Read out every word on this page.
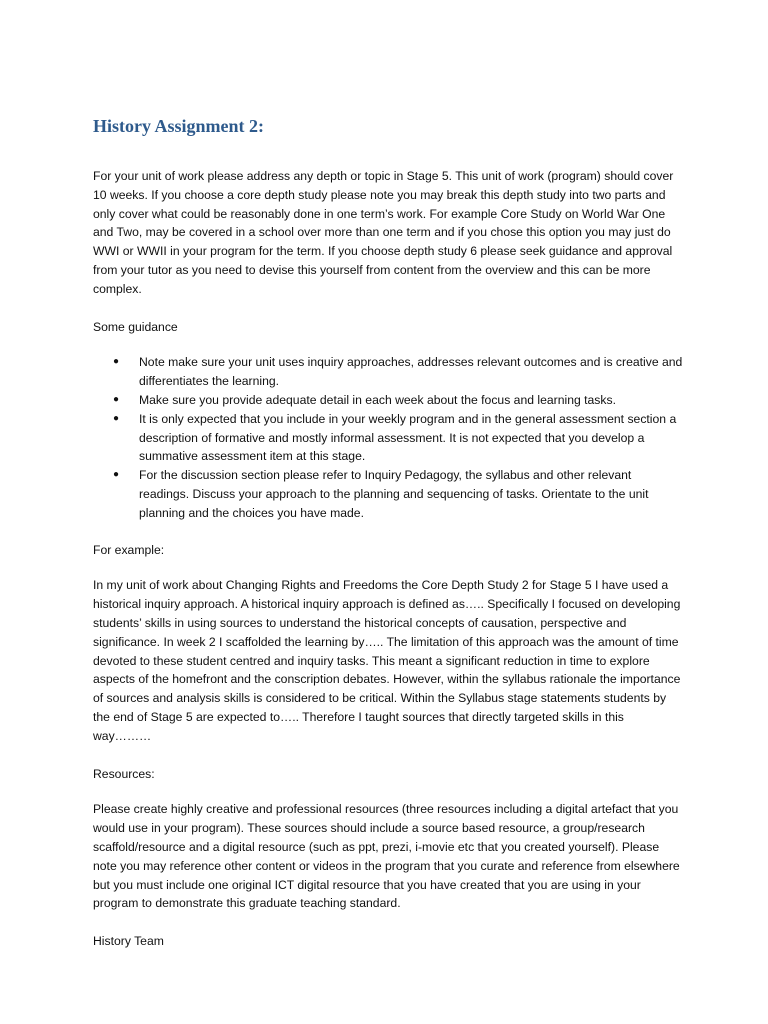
History Assignment 2:

For your unit of work please address any depth or topic in Stage 5. This unit of work (program) should cover 10 weeks. If you choose a core depth study please note you may break this depth study into two parts and only cover what could be reasonably done in one term’s work. For example Core Study on World War One and Two, may be covered in a school over more than one term and if you chose this option you may just do WWI or WWII in your program for the term. If you choose depth study 6 please seek guidance and approval from your tutor as you need to devise this yourself from content from the overview and this can be more complex.

Some guidance

● Note make sure your unit uses inquiry approaches, addresses relevant outcomes and is creative and differentiates the learning.
● Make sure you provide adequate detail in each week about the focus and learning tasks.
● It is only expected that you include in your weekly program and in the general assessment section a description of formative and mostly informal assessment. It is not expected that you develop a summative assessment item at this stage.
● For the discussion section please refer to Inquiry Pedagogy, the syllabus and other relevant readings. Discuss your approach to the planning and sequencing of tasks. Orientate to the unit planning and the choices you have made.

For example:

In my unit of work about Changing Rights and Freedoms the Core Depth Study 2 for Stage 5 I have used a historical inquiry approach. A historical inquiry approach is defined as….. Specifically I focused on developing students’ skills in using sources to understand the historical concepts of causation, perspective and significance. In week 2 I scaffolded the learning by….. The limitation of this approach was the amount of time devoted to these student centred and inquiry tasks. This meant a significant reduction in time to explore aspects of the homefront and the conscription debates. However, within the syllabus rationale the importance of sources and analysis skills is considered to be critical. Within the Syllabus stage statements students by the end of Stage 5 are expected to….. Therefore I taught sources that directly targeted skills in this way………

Resources:

Please create highly creative and professional resources (three resources including a digital artefact that you would use in your program). These sources should include a source based resource, a group/research scaffold/resource and a digital resource (such as ppt, prezi, i-movie etc that you created yourself). Please note you may reference other content or videos in the program that you curate and reference from elsewhere but you must include one original ICT digital resource that you have created that you are using in your program to demonstrate this graduate teaching standard.

History Team
